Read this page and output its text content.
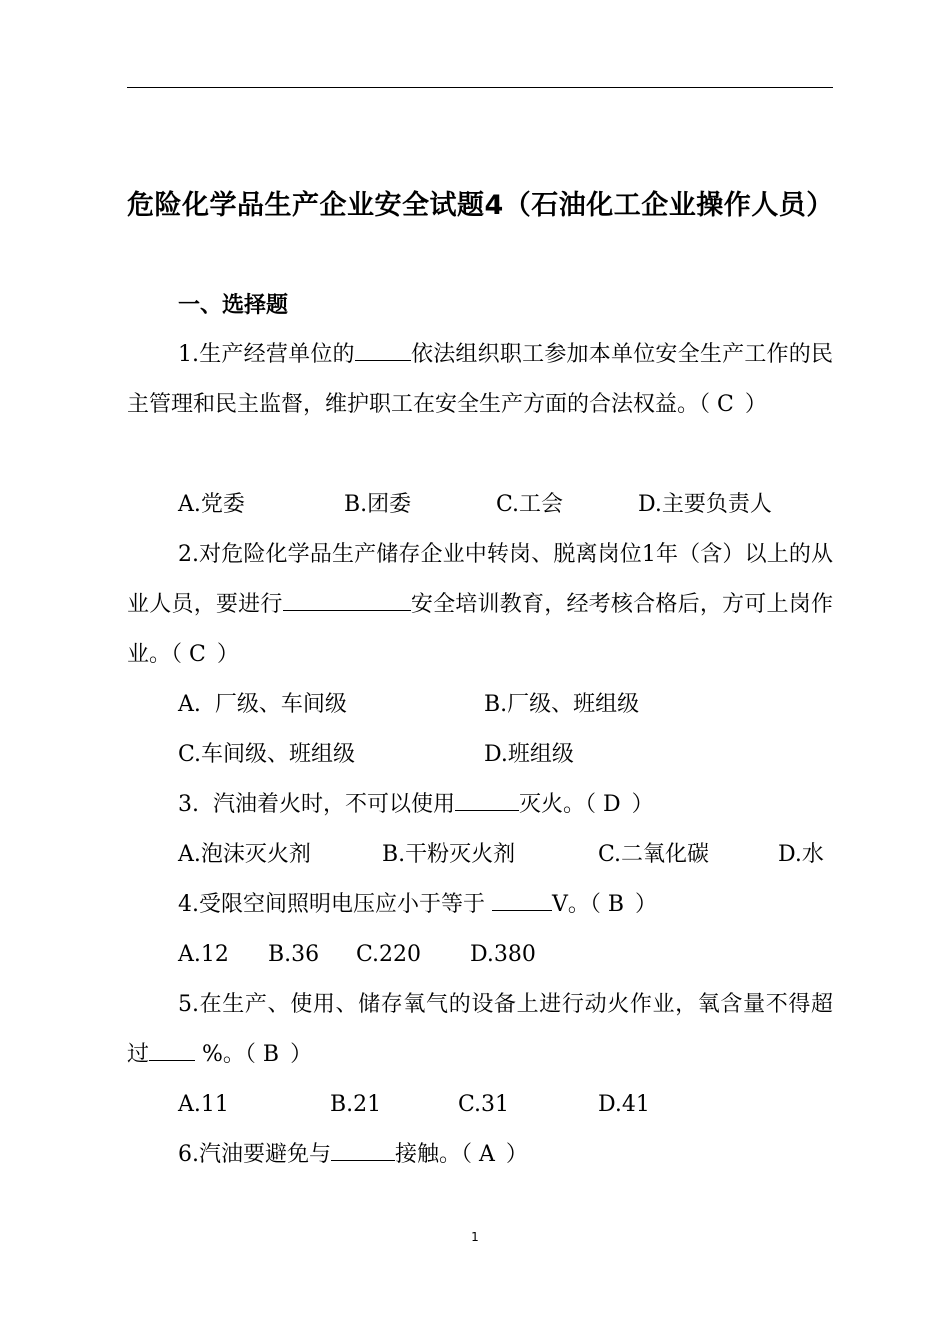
危险化学品生产企业安全试题4（石油化工企业操作人员）
一、选择题
1.生产经营单位的	依法组织职工参加本单位安全生产工作的民主管理和民主监督，维护职工在安全生产方面的合法权益。（ C ）
A.党委	B.团委	C.工会	D.主要负责人
2.对危险化学品生产储存企业中转岗、脱离岗位1年（含）以上的从业人员，要进行	安全培训教育，经考核合格后，方可上岗作业。（ C ）
A.  厂级、车间级	B.厂级、班组级
C.车间级、班组级	D.班组级
3.  汽油着火时，不可以使用	灭火。（ D ）
A.泡沫灭火剂	B.干粉灭火剂	C.二氧化碳	D.水
4.受限空间照明电压应小于等于	V。（ B ）
A.12 B.36 C.220 D.380
5.在生产、使用、储存氧气的设备上进行动火作业，氧含量不得超过 %。（ B ）
A.11	B.21	C.31	D.41
6.汽油要避免与	接触。（ A ）
1
